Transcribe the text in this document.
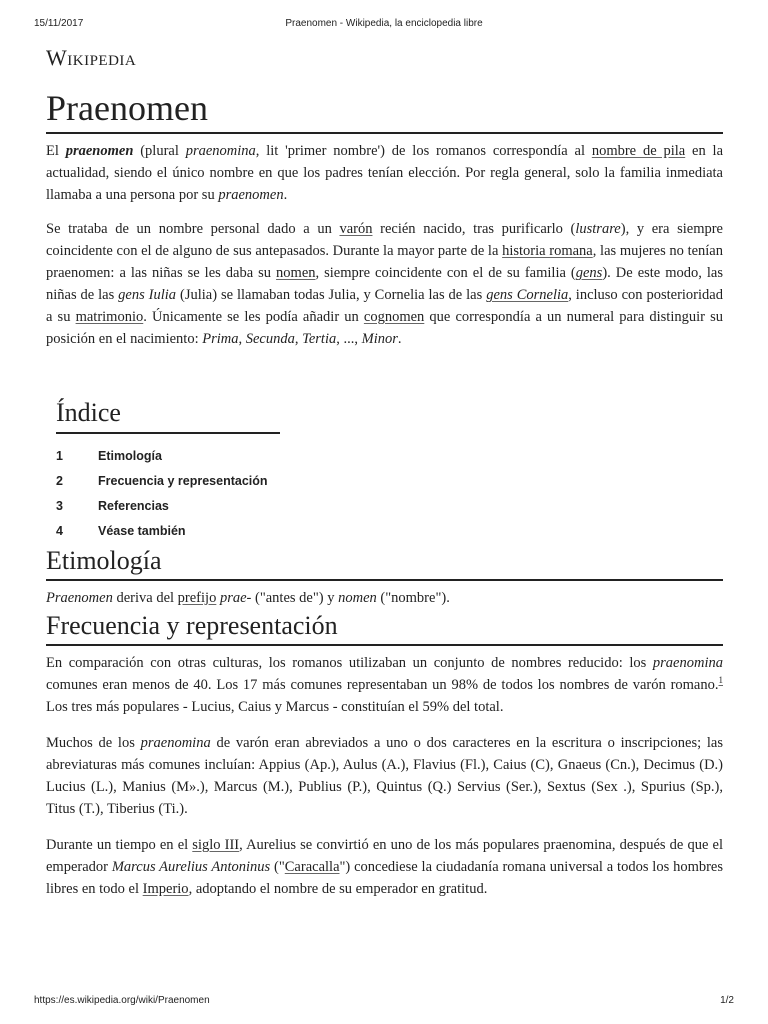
15/11/2017	Praenomen - Wikipedia, la enciclopedia libre
Wikipedia
Praenomen

El praenomen (plural praenomina, lit 'primer nombre') de los romanos correspondía al nombre de pila en la actualidad, siendo el único nombre en que los padres tenían elección. Por regla general, solo la familia inmediata llamaba a una persona por su praenomen.

Se trataba de un nombre personal dado a un varón recién nacido, tras purificarlo (lustrare), y era siempre coincidente con el de alguno de sus antepasados. Durante la mayor parte de la historia romana, las mujeres no tenían praenomen: a las niñas se les daba su nomen, siempre coincidente con el de su familia (gens). De este modo, las niñas de las gens Iulia (Julia) se llamaban todas Julia, y Cornelia las de las gens Cornelia, incluso con posterioridad a su matrimonio. Únicamente se les podía añadir un cognomen que correspondía a un numeral para distinguir su posición en el nacimiento: Prima, Secunda, Tertia, ..., Minor.

Índice
1	Etimología
2	Frecuencia y representación
3	Referencias
4	Véase también
Etimología

Praenomen deriva del prefijo prae- ("antes de") y nomen ("nombre").

Frecuencia y representación

En comparación con otras culturas, los romanos utilizaban un conjunto de nombres reducido: los praenomina comunes eran menos de 40. Los 17 más comunes representaban un 98% de todos los nombres de varón romano.$^1$ Los tres más populares - Lucius, Caius y Marcus - constituían el 59% del total.

Muchos de los praenomina de varón eran abreviados a uno o dos caracteres en la escritura o inscripciones; las abreviaturas más comunes incluían: Appius (Ap.), Aulus (A.), Flavius (Fl.), Caius (C), Gnaeus (Cn.), Decimus (D.) Lucius (L.), Manius (M».), Marcus (M.), Publius (P.), Quintus (Q.) Servius (Ser.), Sextus (Sex .), Spurius (Sp.), Titus (T.), Tiberius (Ti.).

Durante un tiempo en el siglo III, Aurelius se convirtió en uno de los más populares praenomina, después de que el emperador Marcus Aurelius Antoninus ("Caracalla") concediese la ciudadanía romana universal a todos los hombres libres en todo el Imperio, adoptando el nombre de su emperador en gratitud.

https://es.wikipedia.org/wiki/Praenomen	1/2
